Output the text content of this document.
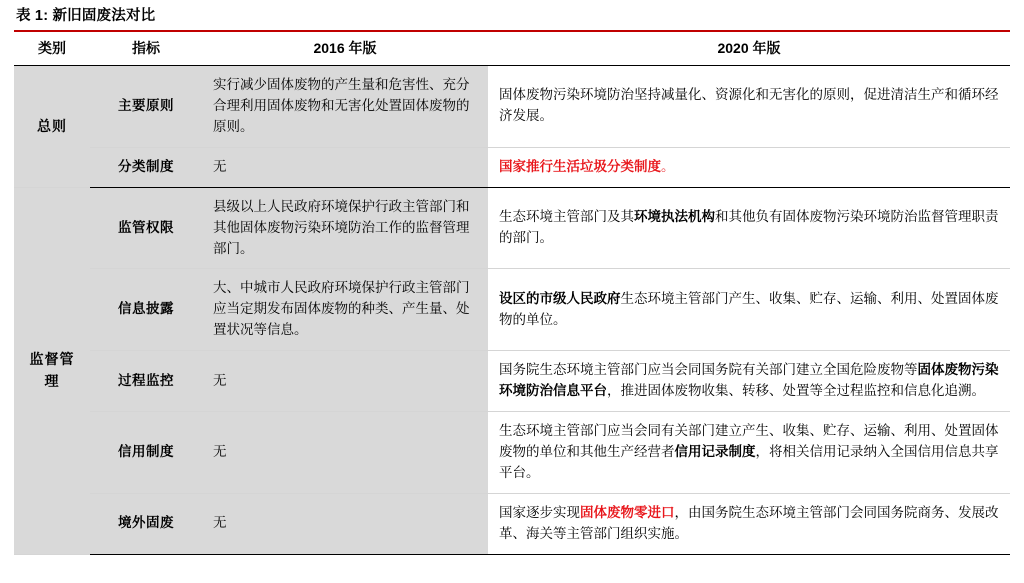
表 1: 新旧固废法对比
类别	指标	2016 年版	2020 年版
总则	主要原则	实行减少固体废物的产生量和危害性、充分合理利用固体废物和无害化处置固体废物的原则。	固体废物污染环境防治坚持减量化、资源化和无害化的原则，促进清洁生产和循环经济发展。
	分类制度	无	国家推行生活垃圾分类制度。
监督管理	监管权限	县级以上人民政府环境保护行政主管部门和其他固体废物污染环境防治工作的监督管理部门。	生态环境主管部门及其环境执法机构和其他负有固体废物污染环境防治监督管理职责的部门。
	信息披露	大、中城市人民政府环境保护行政主管部门应当定期发布固体废物的种类、产生量、处置状况等信息。	设区的市级人民政府生态环境主管部门产生、收集、贮存、运输、利用、处置固体废物的单位。
	过程监控	无	国务院生态环境主管部门应当会同国务院有关部门建立全国危险废物等固体废物污染环境防治信息平台，推进固体废物收集、转移、处置等全过程监控和信息化追溯。
	信用制度	无	生态环境主管部门应当会同有关部门建立产生、收集、贮存、运输、利用、处置固体废物的单位和其他生产经营者信用记录制度，将相关信用记录纳入全国信用信息共享平台。
	境外固废	无	国家逐步实现固体废物零进口，由国务院生态环境主管部门会同国务院商务、发展改革、海关等主管部门组织实施。
